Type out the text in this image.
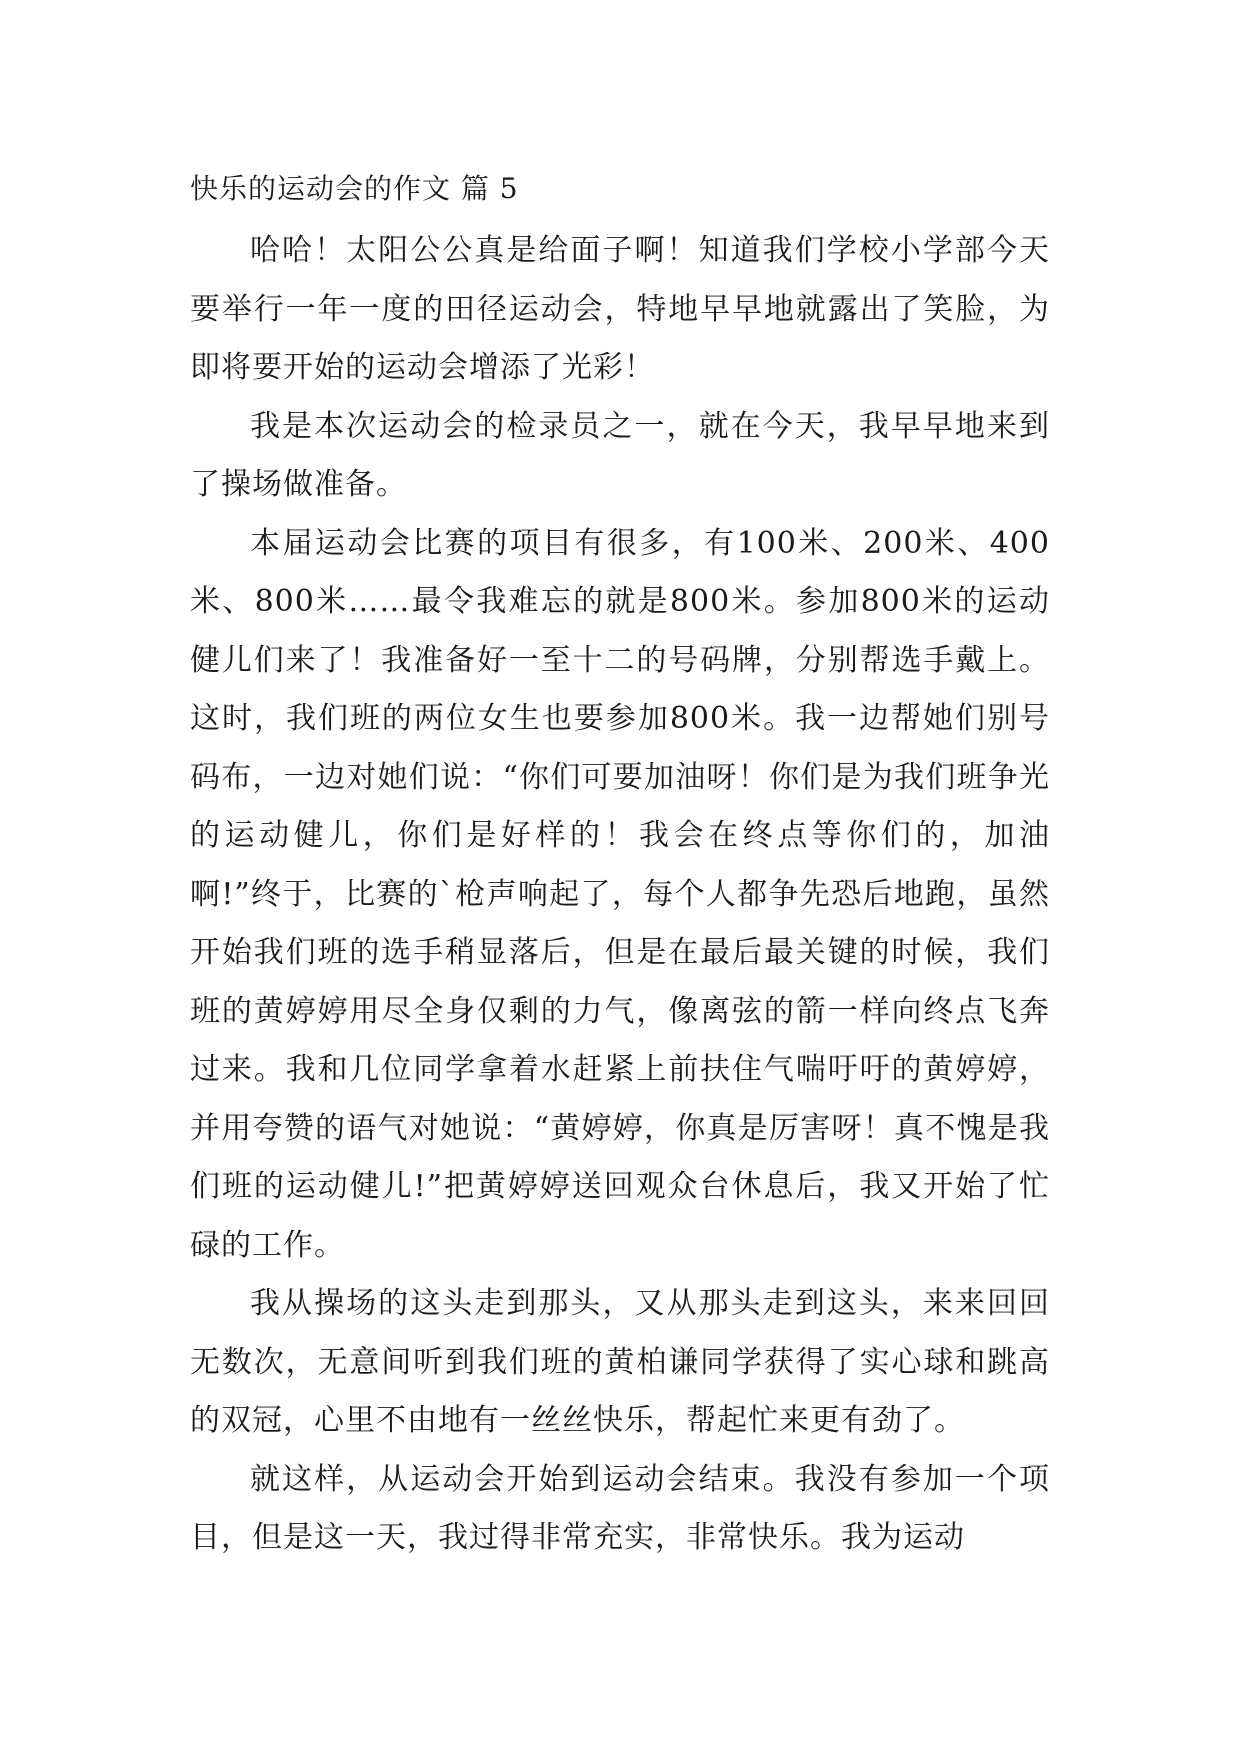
快乐的运动会的作文 篇 5

哈哈！太阳公公真是给面子啊！知道我们学校小学部今天要举行一年一度的田径运动会，特地早早地就露出了笑脸，为即将要开始的运动会增添了光彩！

我是本次运动会的检录员之一，就在今天，我早早地来到了操场做准备。

本届运动会比赛的项目有很多，有100米、200米、400米、800米……最令我难忘的就是800米。参加800米的运动健儿们来了！我准备好一至十二的号码牌，分别帮选手戴上。这时，我们班的两位女生也要参加800米。我一边帮她们别号码布，一边对她们说：“你们可要加油呀！你们是为我们班争光的运动健儿，你们是好样的！我会在终点等你们的，加油啊!”终于，比赛的`枪声响起了，每个人都争先恐后地跑，虽然开始我们班的选手稍显落后，但是在最后最关键的时候，我们班的黄婷婷用尽全身仅剩的力气，像离弦的箭一样向终点飞奔过来。我和几位同学拿着水赶紧上前扶住气喘吁吁的黄婷婷，并用夸赞的语气对她说：“黄婷婷，你真是厉害呀！真不愧是我们班的运动健儿!”把黄婷婷送回观众台休息后，我又开始了忙碌的工作。

我从操场的这头走到那头，又从那头走到这头，来来回回无数次，无意间听到我们班的黄柏谦同学获得了实心球和跳高的双冠，心里不由地有一丝丝快乐，帮起忙来更有劲了。

就这样，从运动会开始到运动会结束。我没有参加一个项目，但是这一天，我过得非常充实，非常快乐。我为运动
